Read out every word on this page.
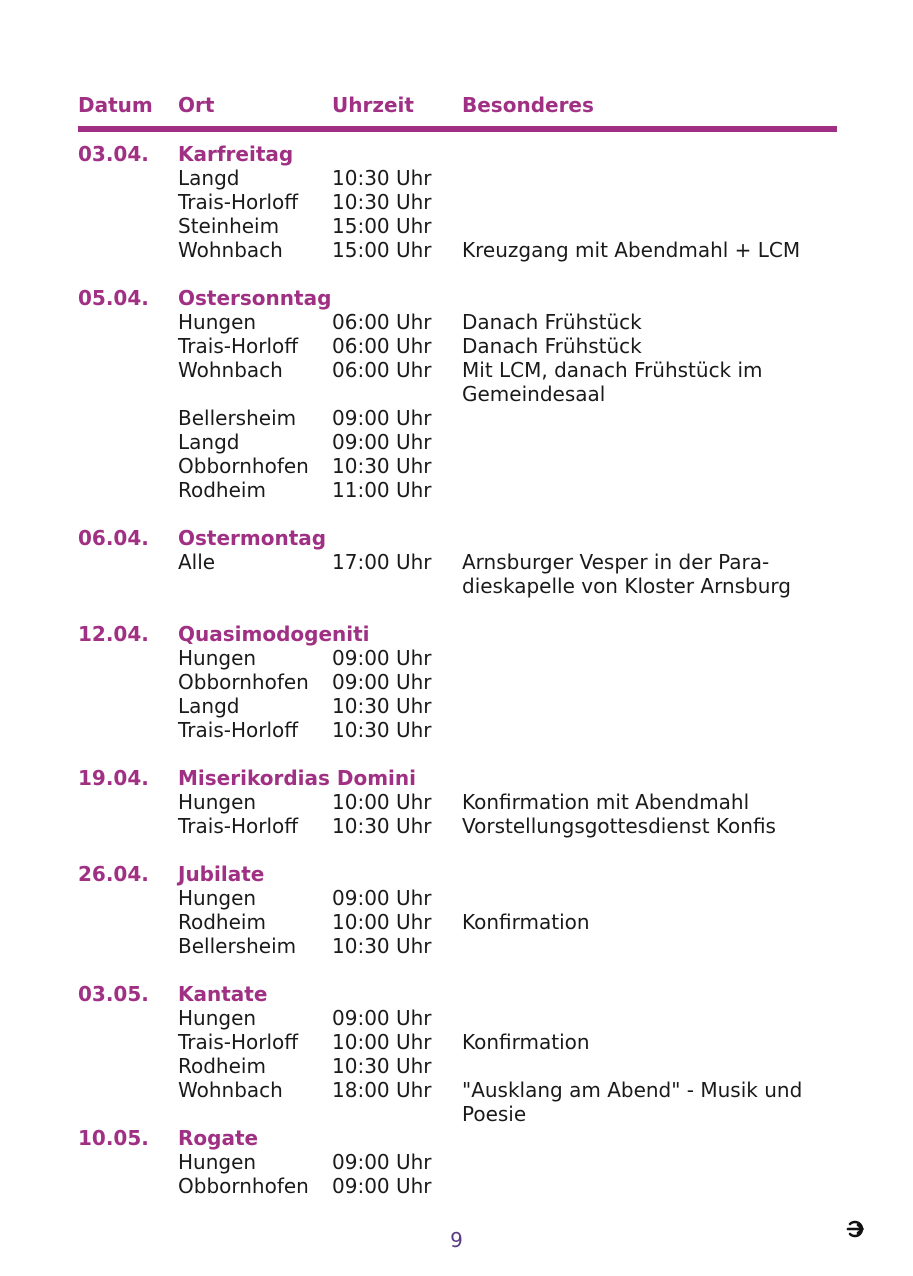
Datum Ort	Uhrzeit Besonderes
03.04. Karfreitag
Langd	10:30 Uhr
Trais-Horloff 10:30 Uhr
Steinheim	15:00 Uhr
Wohnbach 15:00 Uhr Kreuzgang mit Abendmahl + LCM
05.04. Ostersonntag
Hungen	06:00 Uhr Danach Frühstück
Trais-Horloff 06:00 Uhr Danach Frühstück
Wohnbach 06:00 Uhr Mit LCM, danach Frühstück im
Gemeindesaal
Bellersheim 09:00 Uhr
Langd	09:00 Uhr
Obbornhofen 10:30 Uhr
Rodheim	11:00 Uhr
06.04. Ostermontag
Alle	17:00 Uhr Arnsburger Vesper in der Para-
dieskapelle von Kloster Arnsburg
12.04. Quasimodogeniti
Hungen	09:00 Uhr
Obbornhofen 09:00 Uhr
Langd	10:30 Uhr
Trais-Horloff 10:30 Uhr
19.04. Miserikordias Domini
Hungen	10:00 Uhr Konfirmation mit Abendmahl
Trais-Horloff 10:30 Uhr Vorstellungsgottesdienst Konfis
26.04. Jubilate
Hungen	09:00 Uhr
Rodheim	10:00 Uhr Konfirmation
Bellersheim 10:30 Uhr
03.05. Kantate
Hungen	09:00 Uhr
Trais-Horloff 10:00 Uhr Konfirmation
Rodheim	10:30 Uhr
Wohnbach 18:00 Uhr "Ausklang am Abend" - Musik und
Poesie
10.05. Rogate
Hungen	09:00 Uhr
Obbornhofen 09:00 Uhr
9
